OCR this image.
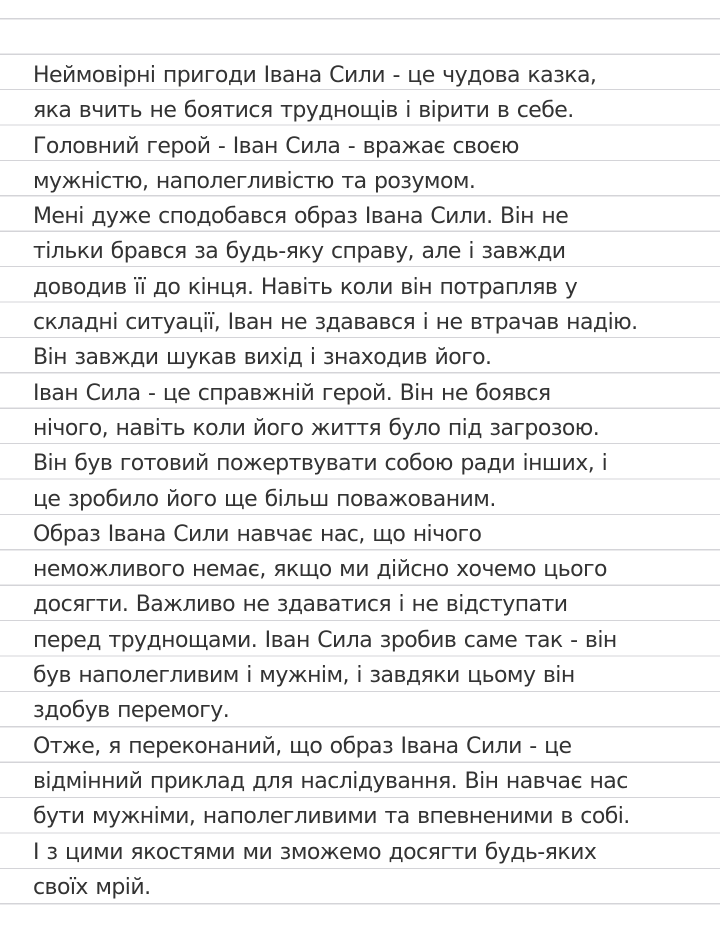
Неймовірні пригоди Івана Сили - це чудова казка,
яка вчить не боятися труднощів і вірити в себе.
Головний герой - Іван Сила - вражає своєю
мужністю, наполегливістю та розумом.
Мені дуже сподобався образ Івана Сили. Він не
тільки брався за будь-яку справу, але і завжди
доводив її до кінця. Навіть коли він потрапляв у
складні ситуації, Іван не здавався і не втрачав надію.
Він завжди шукав вихід і знаходив його.
Іван Сила - це справжній герой. Він не боявся
нічого, навіть коли його життя було під загрозою.
Він був готовий пожертвувати собою ради інших, і
це зробило його ще більш поважованим.
Образ Івана Сили навчає нас, що нічого
неможливого немає, якщо ми дійсно хочемо цього
досягти. Важливо не здаватися і не відступати
перед труднощами. Іван Сила зробив саме так - він
був наполегливим і мужнім, і завдяки цьому він
здобув перемогу.
Отже, я переконаний, що образ Івана Сили - це
відмінний приклад для наслідування. Він навчає нас
бути мужніми, наполегливими та впевненими в собі.
І з цими якостями ми зможемо досягти будь-яких
своїх мрій.
